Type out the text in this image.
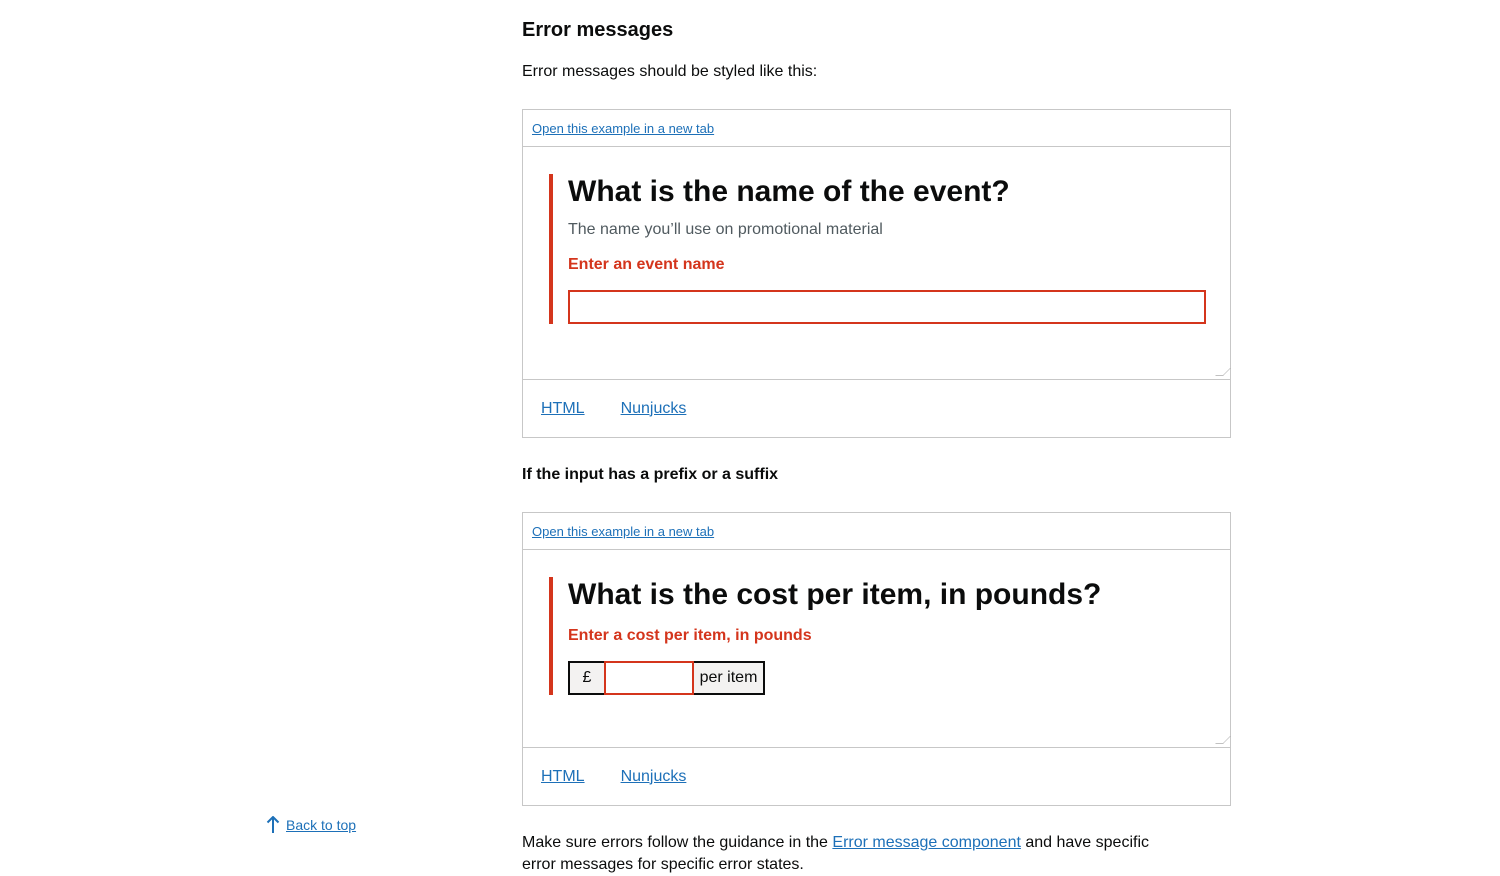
Error messages

Error messages should be styled like this:

Open this example in a new tab
What is the name of the event?

The name you’ll use on promotional material

Enter an event name

HTML Nunjucks
If the input has a prefix or a suffix
Open this example in a new tab
What is the cost per item, in pounds?

Enter a cost per item, in pounds

£	per item
HTML Nunjucks
Back to top

Make sure errors follow the guidance in the Error message component and have specific

error messages for specific error states.
